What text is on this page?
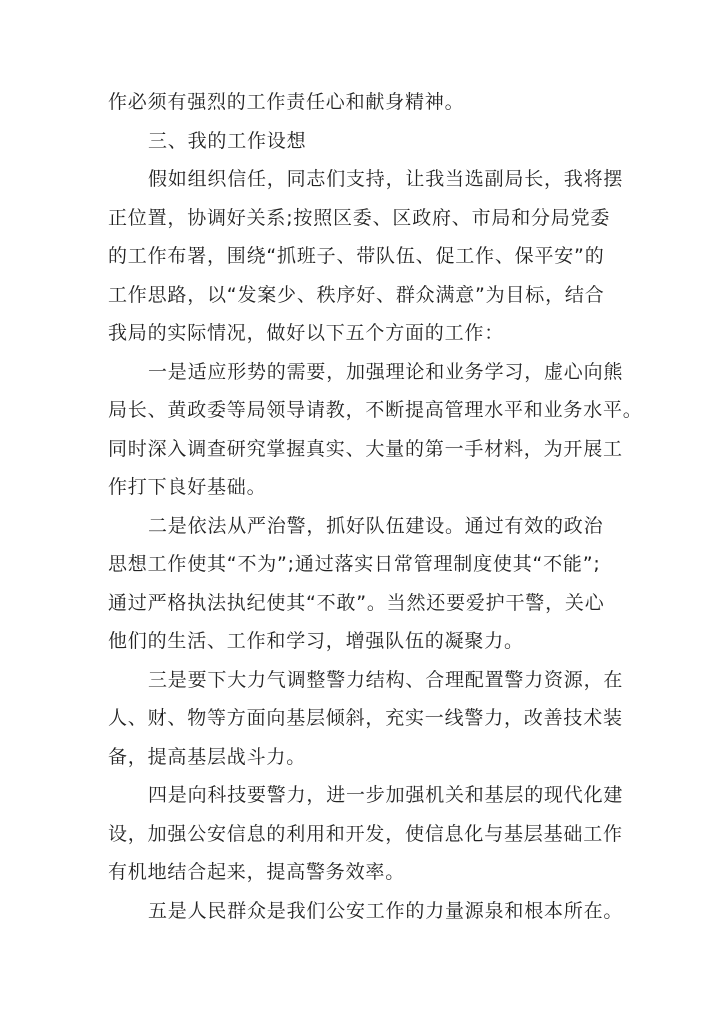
作必须有强烈的工作责任心和献身精神。
三、我的工作设想
假如组织信任，同志们支持，让我当选副局长，我将摆
正位置，协调好关系;按照区委、区政府、市局和分局党委
的工作布署，围绕“抓班子、带队伍、促工作、保平安”的
工作思路，以“发案少、秩序好、群众满意”为目标，结合
我局的实际情况，做好以下五个方面的工作：
一是适应形势的需要，加强理论和业务学习，虚心向熊
局长、黄政委等局领导请教，不断提高管理水平和业务水平。
同时深入调查研究掌握真实、大量的第一手材料，为开展工
作打下良好基础。
二是依法从严治警，抓好队伍建设。通过有效的政治
思想工作使其“不为”;通过落实日常管理制度使其“不能”;
通过严格执法执纪使其“不敢”。当然还要爱护干警，关心
他们的生活、工作和学习，增强队伍的凝聚力。
三是要下大力气调整警力结构、合理配置警力资源，在
人、财、物等方面向基层倾斜，充实一线警力，改善技术装
备，提高基层战斗力。
四是向科技要警力，进一步加强机关和基层的现代化建
设，加强公安信息的利用和开发，使信息化与基层基础工作
有机地结合起来，提高警务效率。
五是人民群众是我们公安工作的力量源泉和根本所在。
